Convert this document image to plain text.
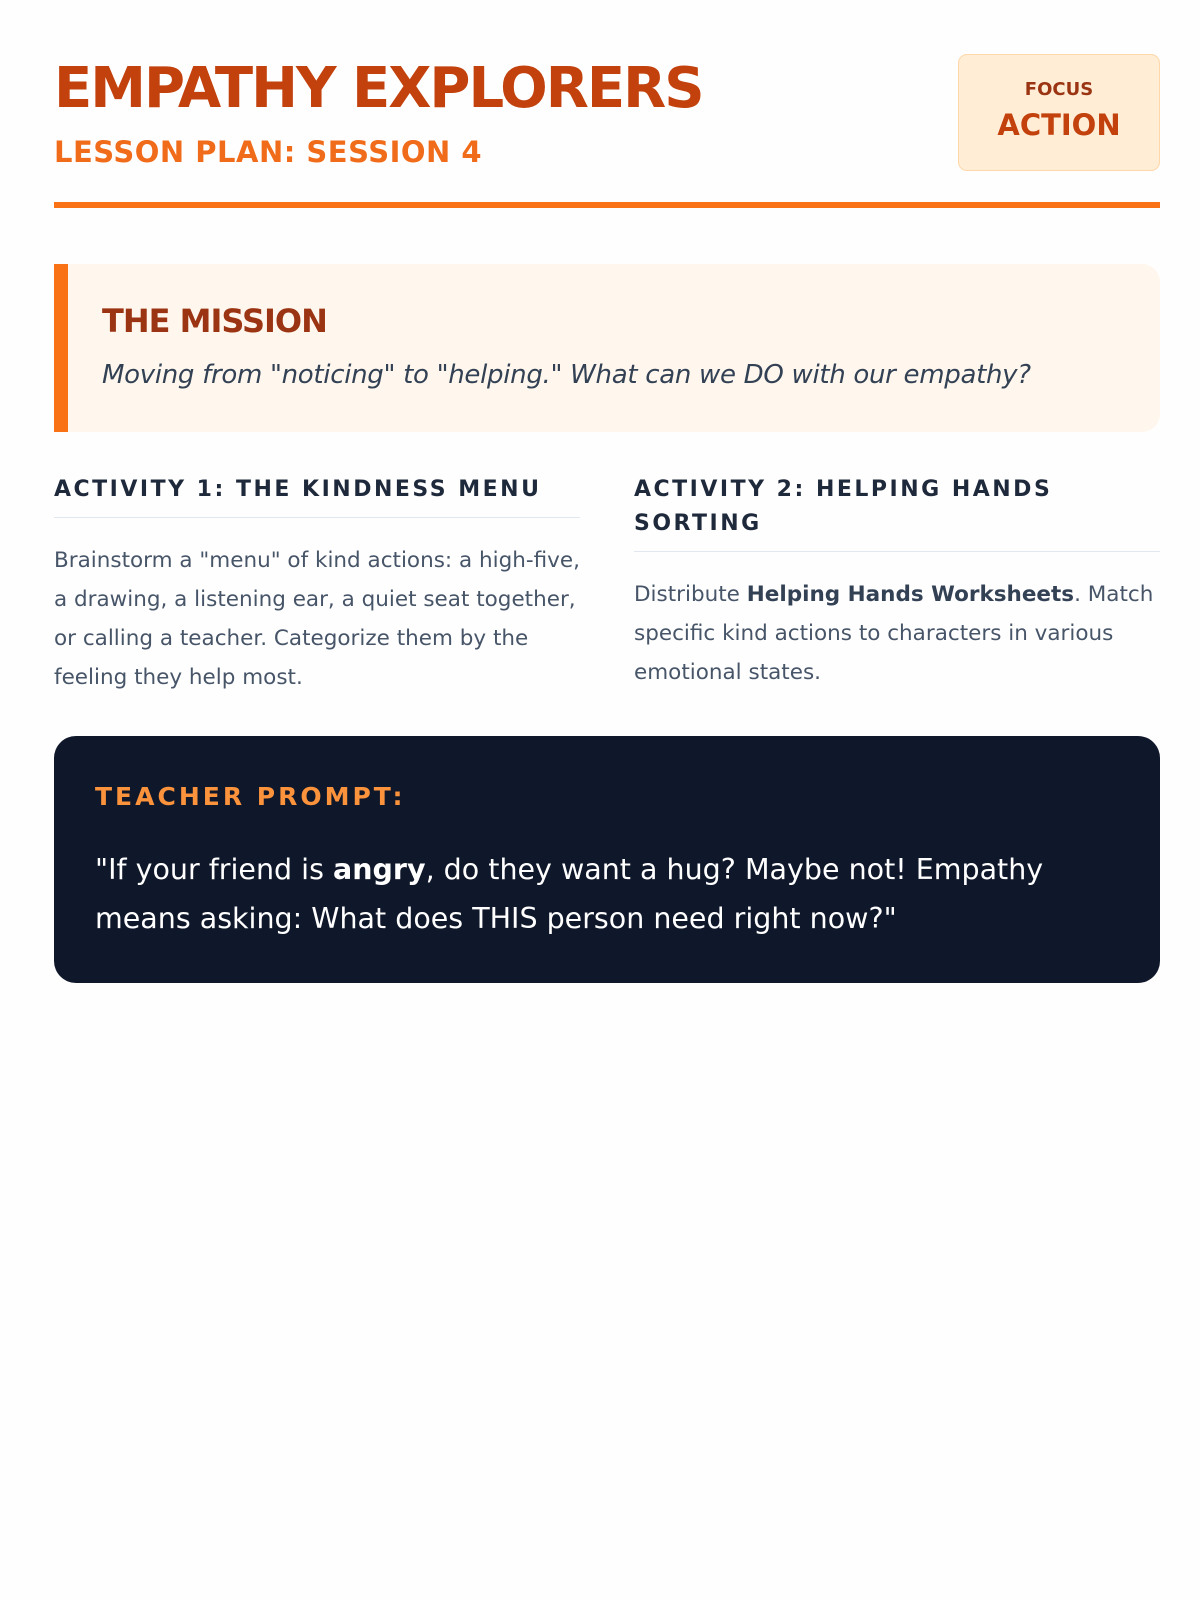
EMPATHY EXPLORERS
LESSON PLAN: SESSION 4
FOCUS
ACTION
THE MISSION

Moving from "noticing" to "helping." What can we DO with our empathy?

ACTIVITY 1: THE KINDNESS MENU

Brainstorm a "menu" of kind actions: a high-five, a drawing, a listening ear, a quiet seat together, or calling a teacher. Categorize them by the feeling they help most.

ACTIVITY 2: HELPING HANDS SORTING

Distribute Helping Hands Worksheets. Match specific kind actions to characters in various emotional states.

TEACHER PROMPT:

"If your friend is angry, do they want a hug? Maybe not! Empathy means asking: What does THIS person need right now?"
